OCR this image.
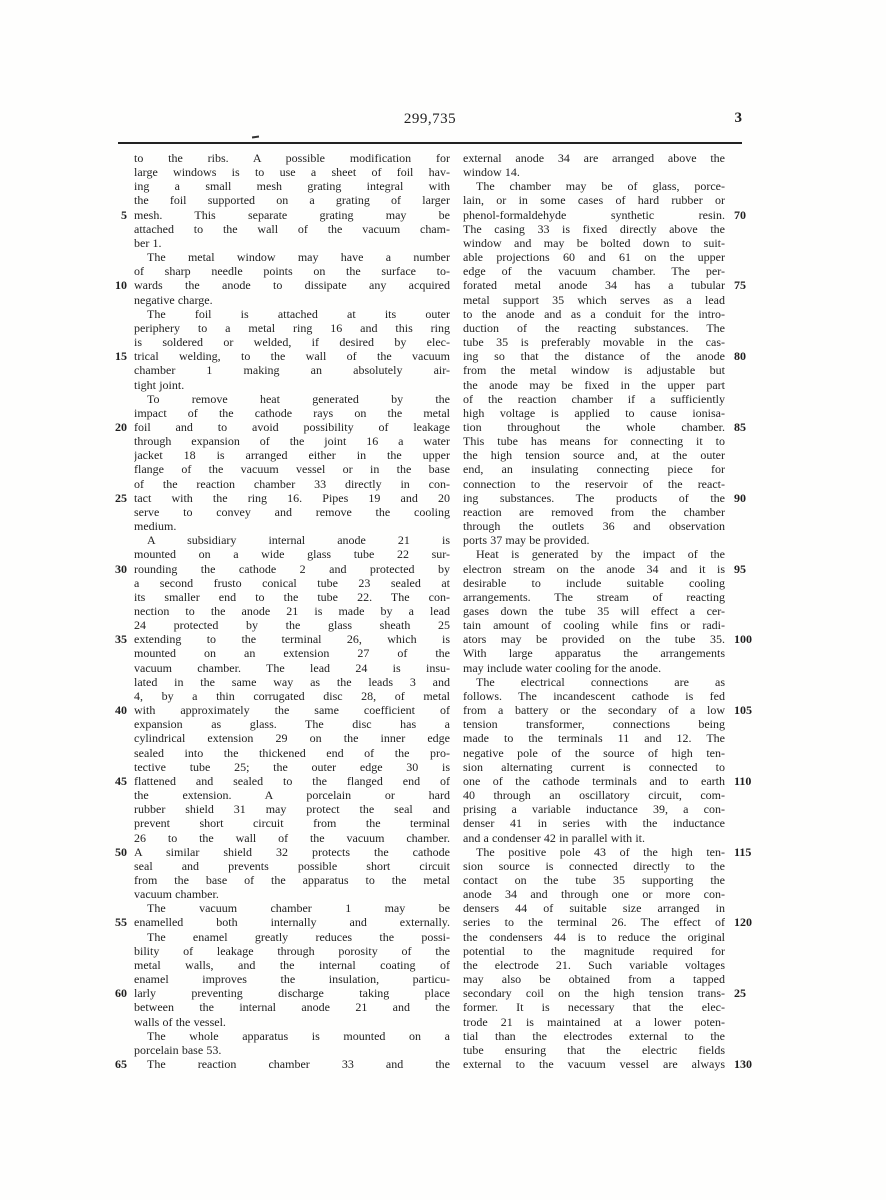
299,735	3
to the ribs. A possible modification for
large windows is to use a sheet of foil hav-
ing a small mesh grating integral with
the foil supported on a grating of larger
5 mesh. This separate grating may be
attached to the wall of the vacuum cham-
ber 1.
The metal window may have a number
of sharp needle points on the surface to-
10 wards the anode to dissipate any acquired
negative charge.
The foil is attached at its outer
periphery to a metal ring 16 and this ring
is soldered or welded, if desired by elec-
15 trical welding, to the wall of the vacuum
chamber 1 making an absolutely air-
tight joint.
To remove heat generated by the
impact of the cathode rays on the metal
20 foil and to avoid possibility of leakage
through expansion of the joint 16 a water
jacket 18 is arranged either in the upper
flange of the vacuum vessel or in the base
of the reaction chamber 33 directly in con-
25 tact with the ring 16. Pipes 19 and 20
serve to convey and remove the cooling
medium.
A subsidiary internal anode 21 is
mounted on a wide glass tube 22 sur-
30 rounding the cathode 2 and protected by
a second frusto conical tube 23 sealed at
its smaller end to the tube 22. The con-
nection to the anode 21 is made by a lead
24 protected by the glass sheath 25
35 extending to the terminal 26, which is
mounted on an extension 27 of the
vacuum chamber. The lead 24 is insu-
lated in the same way as the leads 3 and
4, by a thin corrugated disc 28, of metal
40 with approximately the same coefficient of
expansion as glass. The disc has a
cylindrical extension 29 on the inner edge
sealed into the thickened end of the pro-
tective tube 25; the outer edge 30 is
45 flattened and sealed to the flanged end of
the extension. A porcelain or hard
rubber shield 31 may protect the seal and
prevent short circuit from the terminal
26 to the wall of the vacuum chamber.
50 A similar shield 32 protects the cathode
seal and prevents possible short circuit
from the base of the apparatus to the metal
vacuum chamber.
The vacuum chamber 1 may be
55 enamelled both internally and externally.
The enamel greatly reduces the possi-
bility of leakage through porosity of the
metal walls, and the internal coating of
enamel improves the insulation, particu-
60 larly preventing discharge taking place
between the internal anode 21 and the
walls of the vessel.
The whole apparatus is mounted on a
porcelain base 53.
65	The reaction chamber 33 and the
external anode 34 are arranged above the
window 14.
The chamber may be of glass, porce-
lain, or in some cases of hard rubber or
phenol-formaldehyde synthetic resin. 70
The casing 33 is fixed directly above the
window and may be bolted down to suit-
able projections 60 and 61 on the upper
edge of the vacuum chamber. The per-
forated metal anode 34 has a tubular 75
metal support 35 which serves as a lead
to the anode and as a conduit for the intro-
duction of the reacting substances. The
tube 35 is preferably movable in the cas-
ing so that the distance of the anode 80
from the metal window is adjustable but
the anode may be fixed in the upper part
of the reaction chamber if a sufficiently
high voltage is applied to cause ionisa-
tion throughout the whole chamber. 85
This tube has means for connecting it to
the high tension source and, at the outer
end, an insulating connecting piece for
connection to the reservoir of the react-
ing substances. The products of the 90
reaction are removed from the chamber
through the outlets 36 and observation
ports 37 may be provided.
Heat is generated by the impact of the
electron stream on the anode 34 and it is 95
desirable to include suitable cooling
arrangements. The stream of reacting
gases down the tube 35 will effect a cer-
tain amount of cooling while fins or radi-
ators may be provided on the tube 35. 100
With large apparatus the arrangements
may include water cooling for the anode.
The electrical connections are as
follows. The incandescent cathode is fed
from a battery or the secondary of a low 105
tension transformer, connections being
made to the terminals 11 and 12. The
negative pole of the source of high ten-
sion alternating current is connected to
one of the cathode terminals and to earth 110
40 through an oscillatory circuit, com-
prising a variable inductance 39, a con-
denser 41 in series with the inductance
and a condenser 42 in parallel with it.
The positive pole 43 of the high ten- 115
sion source is connected directly to the
contact on the tube 35 supporting the
anode 34 and through one or more con-
densers 44 of suitable size arranged in
series to the terminal 26. The effect of 120
the condensers 44 is to reduce the original
potential to the magnitude required for
the electrode 21. Such variable voltages
may also be obtained from a tapped
secondary coil on the high tension trans- 25
former. It is necessary that the elec-
trode 21 is maintained at a lower poten-
tial than the electrodes external to the
tube ensuring that the electric fields
external to the vacuum vessel are always 130
